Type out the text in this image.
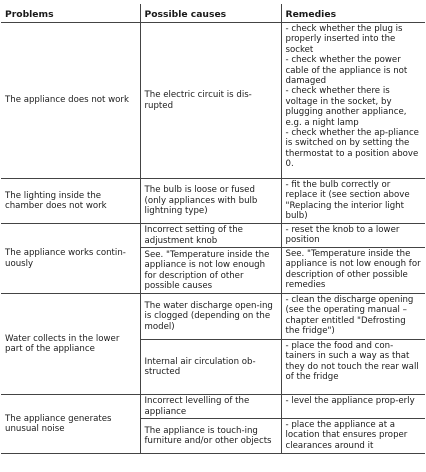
Problems	Possible causes	Remedies
The appliance does not work	The electric circuit is dis-rupted	- check whether the plug is properly inserted into the socket
- check whether the power cable of the appliance is not damaged
- check whether there is voltage in the socket, by plugging another appliance, e.g. a night lamp
- check whether the ap-pliance is switched on by setting the thermostat to a position above 0.
The lighting inside the chamber does not work	The bulb is loose or fused (only appliances with bulb lightning type)	- fit the bulb correctly or replace it (see section above "Replacing the interior light bulb)
The appliance works contin-uously	Incorrect setting of the adjustment knob	- reset the knob to a lower position
	See. "Temperature inside the appliance is not low enough for description of other possible causes	See. "Temperature inside the appliance is not low enough for description of other possible remedies
Water collects in the lower part of the appliance	The water discharge open-ing is clogged (depending on the model)	- clean the discharge opening (see the operating manual – chapter entitled "Defrosting the fridge")
	Internal air circulation ob-structed	- place the food and con-tainers in such a way as that they do not touch the rear wall of the fridge
The appliance generates unusual noise	Incorrect levelling of the appliance	- level the appliance prop-erly
	The appliance is touch-ing furniture and/or other objects	- place the appliance at a location that ensures proper clearances around it
